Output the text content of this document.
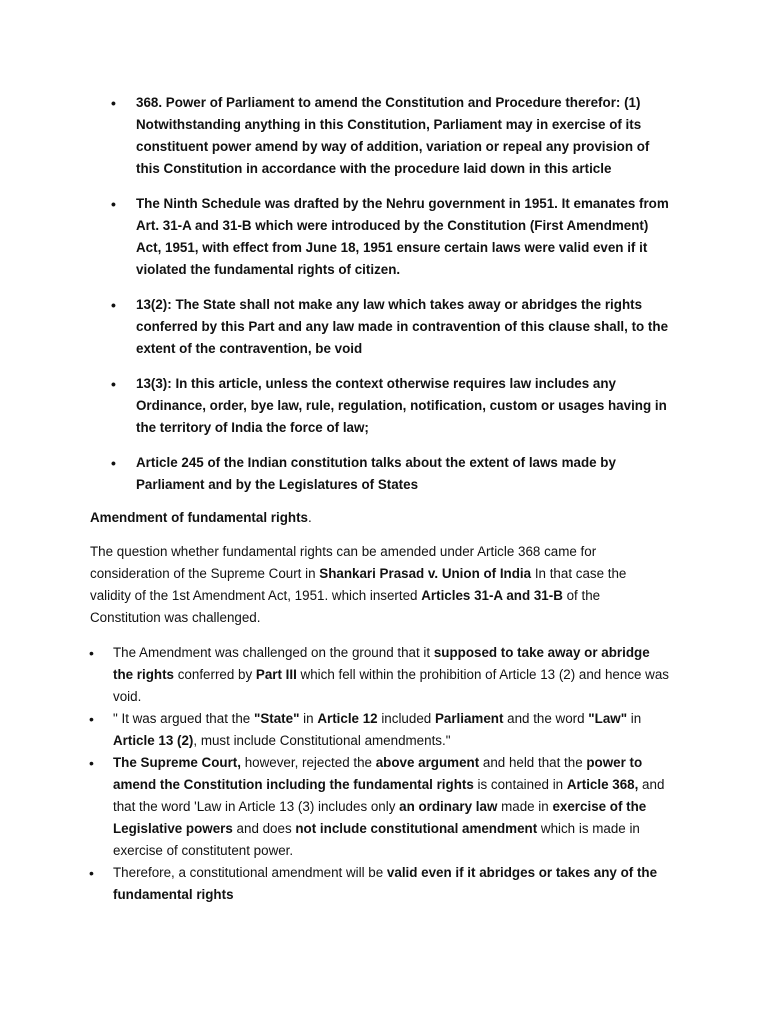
• 368. Power of Parliament to amend the Constitution and Procedure therefor: (1) Notwithstanding anything in this Constitution, Parliament may in exercise of its constituent power amend by way of addition, variation or repeal any provision of this Constitution in accordance with the procedure laid down in this article
• The Ninth Schedule was drafted by the Nehru government in 1951. It emanates from Art. 31-A and 31-B which were introduced by the Constitution (First Amendment) Act, 1951, with effect from June 18, 1951 ensure certain laws were valid even if it violated the fundamental rights of citizen.
• 13(2): The State shall not make any law which takes away or abridges the rights conferred by this Part and any law made in contravention of this clause shall, to the extent of the contravention, be void
• 13(3): In this article, unless the context otherwise requires law includes any Ordinance, order, bye law, rule, regulation, notification, custom or usages having in the territory of India the force of law;
• Article 245 of the Indian constitution talks about the extent of laws made by Parliament and by the Legislatures of States
Amendment of fundamental rights.
The question whether fundamental rights can be amended under Article 368 came for consideration of the Supreme Court in Shankari Prasad v. Union of India In that case the validity of the 1st Amendment Act, 1951. which inserted Articles 31-A and 31-B of the Constitution was challenged.
• The Amendment was challenged on the ground that it supposed to take away or abridge the rights conferred by Part III which fell within the prohibition of Article 13 (2) and hence was void.
• " It was argued that the "State" in Article 12 included Parliament and the word "Law" in Article 13 (2), must include Constitutional amendments."
• The Supreme Court, however, rejected the above argument and held that the power to amend the Constitution including the fundamental rights is contained in Article 368, and that the word 'Law in Article 13 (3) includes only an ordinary law made in exercise of the Legislative powers and does not include constitutional amendment which is made in exercise of constitutent power.
• Therefore, a constitutional amendment will be valid even if it abridges or takes any of the fundamental rights
